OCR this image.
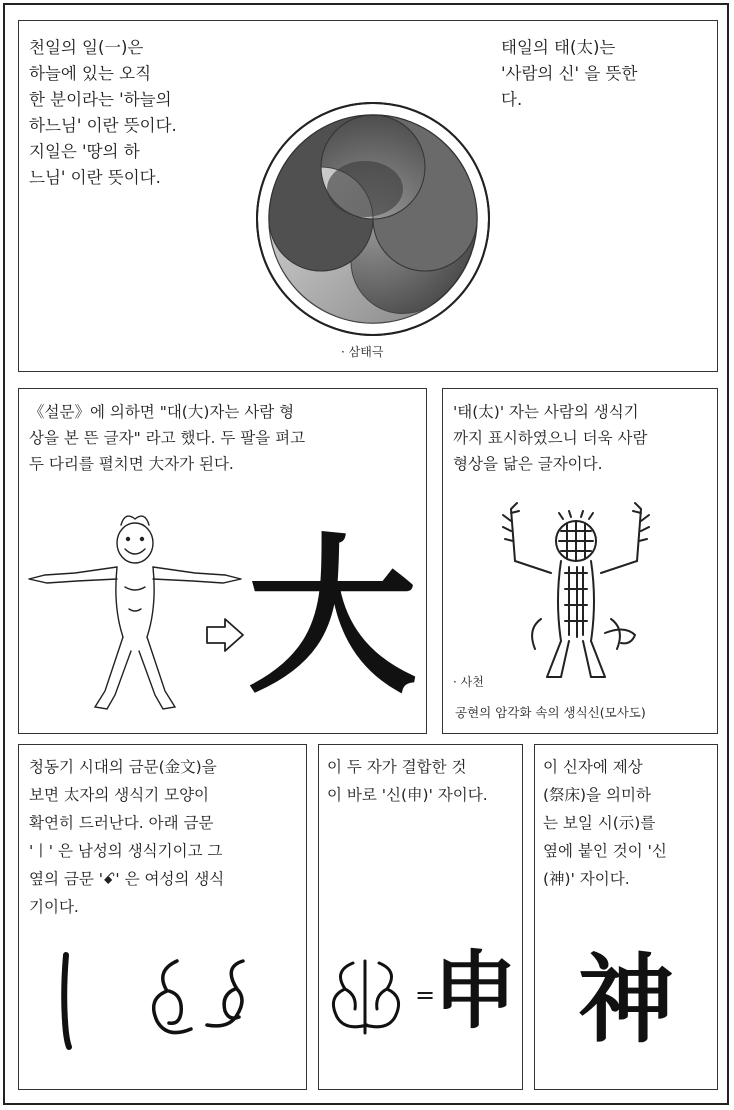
천일의 일(一)은
하늘에 있는 오직
한 분이라는 '하늘의
하느님' 이란 뜻이다.
지일은 '땅의 하
느님' 이란 뜻이다.
태일의 태(太)는
'사람의 신' 을 뜻한
다.
· 삼태극
《설문》에 의하면 "대(大)자는 사람 형
상을 본 뜬 글자" 라고 했다. 두 팔을 펴고
두 다리를 펼치면 大자가 된다.
大
'태(太)' 자는 사람의 생식기
까지 표시하였으니 더욱 사람
형상을 닮은 글자이다.
· 사천
공현의 암각화 속의 생식신(모사도)
청동기 시대의 금문(金文)을
보면 太자의 생식기 모양이
확연히 드러난다. 아래 금문
'丨' 은 남성의 생식기이고 그
옆의 금문 'ꗃ' 은 여성의 생식
기이다.
이 두 자가 결합한 것
이 바로 '신(申)' 자이다.
=
申
이 신자에 제상
(祭床)을 의미하
는 보일 시(示)를
옆에 붙인 것이 '신
(神)' 자이다.
神
